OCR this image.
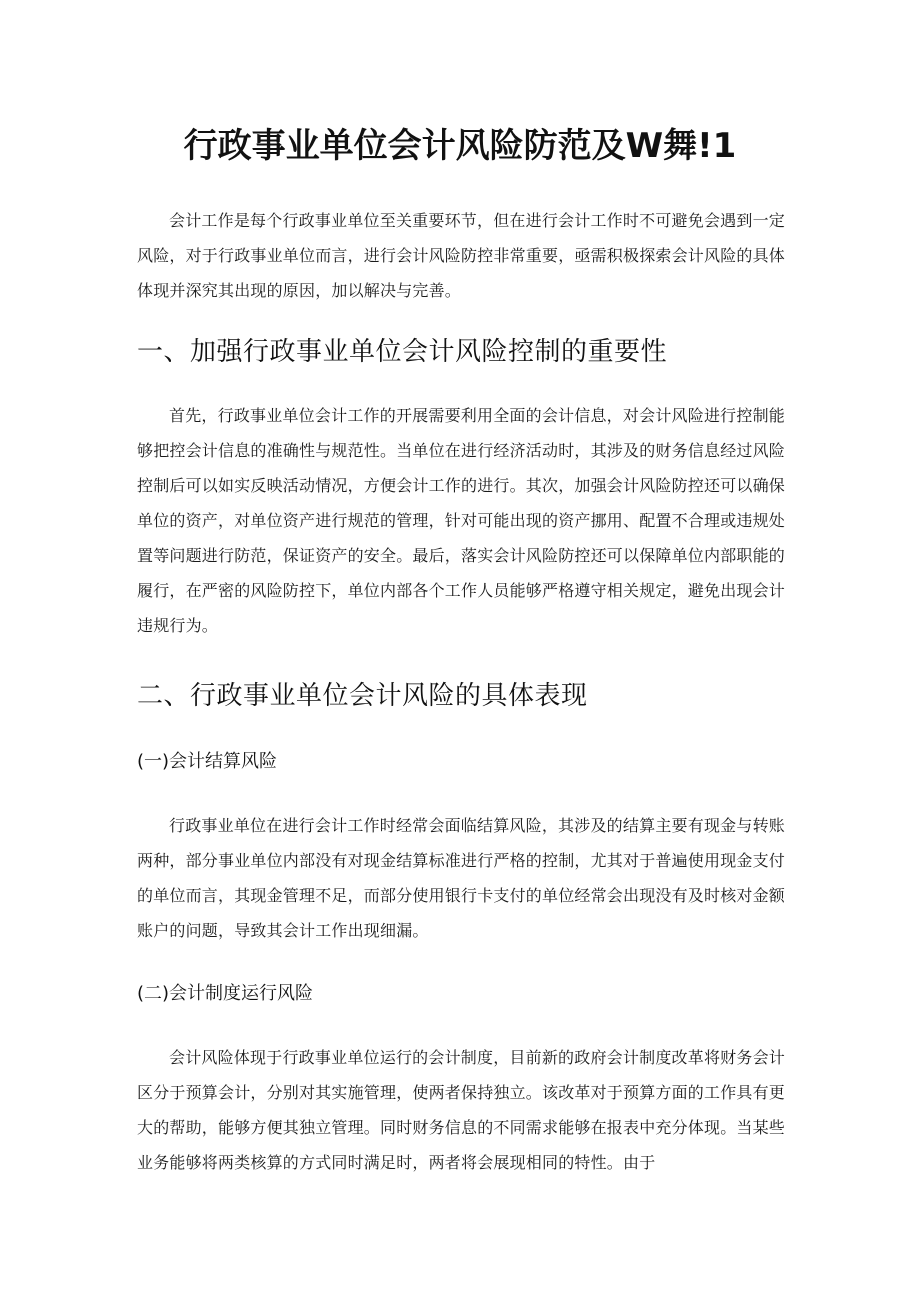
行政事业单位会计风险防范及W舞!1

会计工作是每个行政事业单位至关重要环节，但在进行会计工作时不可避免会遇到一定风险，对于行政事业单位而言，进行会计风险防控非常重要，亟需积极探索会计风险的具体体现并深究其出现的原因，加以解决与完善。

一、加强行政事业单位会计风险控制的重要性

首先，行政事业单位会计工作的开展需要利用全面的会计信息，对会计风险进行控制能够把控会计信息的准确性与规范性。当单位在进行经济活动时，其涉及的财务信息经过风险控制后可以如实反映活动情况，方便会计工作的进行。其次，加强会计风险防控还可以确保单位的资产，对单位资产进行规范的管理，针对可能出现的资产挪用、配置不合理或违规处置等问题进行防范，保证资产的安全。最后，落实会计风险防控还可以保障单位内部职能的履行，在严密的风险防控下，单位内部各个工作人员能够严格遵守相关规定，避免出现会计违规行为。

二、行政事业单位会计风险的具体表现
(一)会计结算风险

行政事业单位在进行会计工作时经常会面临结算风险，其涉及的结算主要有现金与转账两种，部分事业单位内部没有对现金结算标准进行严格的控制，尤其对于普遍使用现金支付的单位而言，其现金管理不足，而部分使用银行卡支付的单位经常会出现没有及时核对金额账户的问题，导致其会计工作出现细漏。

(二)会计制度运行风险

会计风险体现于行政事业单位运行的会计制度，目前新的政府会计制度改革将财务会计区分于预算会计，分别对其实施管理，使两者保持独立。该改革对于预算方面的工作具有更大的帮助，能够方便其独立管理。同时财务信息的不同需求能够在报表中充分体现。当某些业务能够将两类核算的方式同时满足时，两者将会展现相同的特性。由于
